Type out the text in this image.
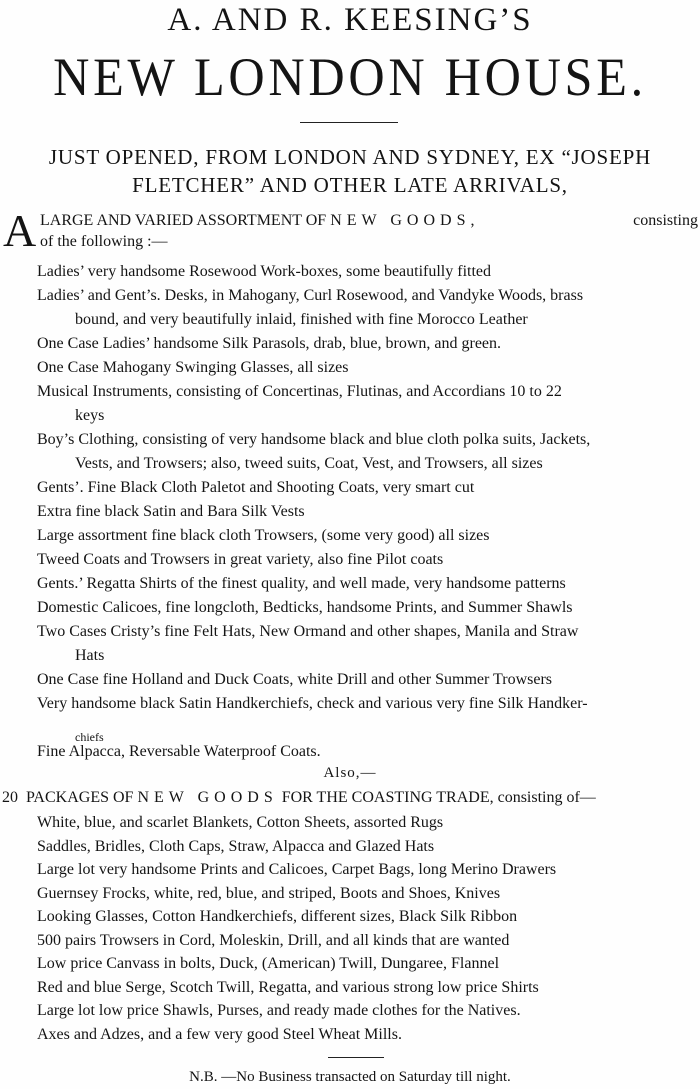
A. AND R. KEESING’S
NEW LONDON HOUSE.
JUST OPENED, FROM LONDON AND SYDNEY, EX “JOSEPH
FLETCHER” AND OTHER LATE ARRIVALS,
A LARGE AND VARIED ASSORTMENT OF NEW GOODS,	consisting
of the following :—
Ladies’ very handsome Rosewood Work-boxes, some beautifully fitted
Ladies’ and Gent’s. Desks, in Mahogany, Curl Rosewood, and Vandyke Woods, brass
bound, and very beautifully inlaid, finished with fine Morocco Leather
One Case Ladies’ handsome Silk Parasols, drab, blue, brown, and green.
One Case Mahogany Swinging Glasses, all sizes
Musical Instruments, consisting of Concertinas, Flutinas, and Accordians 10 to 22
keys
Boy’s Clothing, consisting of very handsome black and blue cloth polka suits, Jackets,
Vests, and Trowsers; also, tweed suits, Coat, Vest, and Trowsers, all sizes
Gents’. Fine Black Cloth Paletot and Shooting Coats, very smart cut
Extra fine black Satin and Bara Silk Vests
Large assortment fine black cloth Trowsers, (some very good) all sizes
Tweed Coats and Trowsers in great variety, also fine Pilot coats
Gents.’ Regatta Shirts of the finest quality, and well made, very handsome patterns
Domestic Calicoes, fine longcloth, Bedticks, handsome Prints, and Summer Shawls
Two Cases Cristy’s fine Felt Hats, New Ormand and other shapes, Manila and Straw
Hats
One Case fine Holland and Duck Coats, white Drill and other Summer Trowsers
Very handsome black Satin Handkerchiefs, check and various very fine Silk Handker-
chiefs
Fine Alpacca, Reversable Waterproof Coats.
Also,—
20 PACKAGES OF NEW GOODS FOR THE COASTING TRADE, consisting of—
White, blue, and scarlet Blankets, Cotton Sheets, assorted Rugs
Saddles, Bridles, Cloth Caps, Straw, Alpacca and Glazed Hats
Large lot very handsome Prints and Calicoes, Carpet Bags, long Merino Drawers
Guernsey Frocks, white, red, blue, and striped, Boots and Shoes, Knives
Looking Glasses, Cotton Handkerchiefs, different sizes, Black Silk Ribbon
500 pairs Trowsers in Cord, Moleskin, Drill, and all kinds that are wanted
Low price Canvass in bolts, Duck, (American) Twill, Dungaree, Flannel
Red and blue Serge, Scotch Twill, Regatta, and various strong low price Shirts
Large lot low price Shawls, Purses, and ready made clothes for the Natives.
Axes and Adzes, and a few very good Steel Wheat Mills.
N.B. —No Business transacted on Saturday till night.
